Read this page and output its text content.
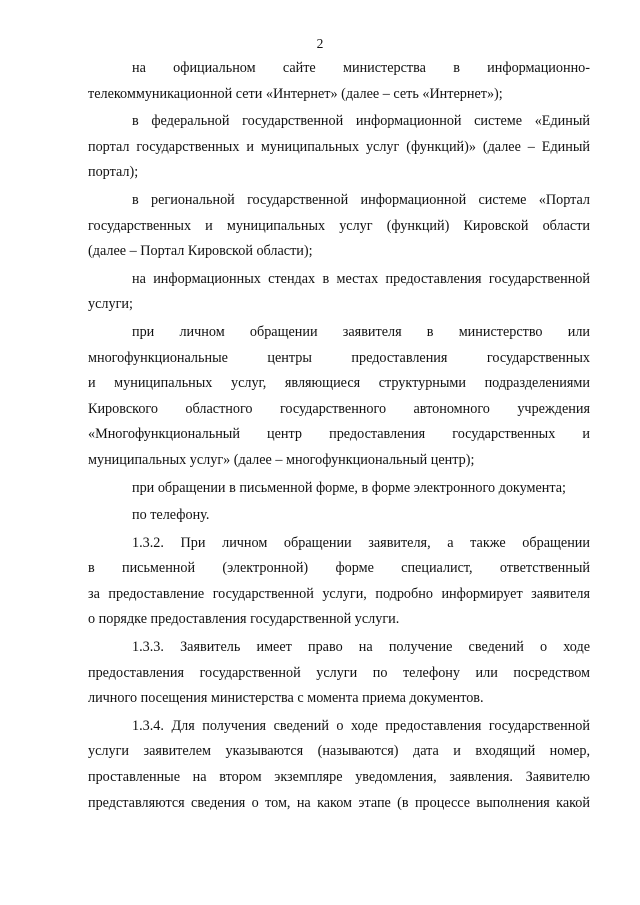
2
на официальном сайте министерства в информационно-
телекоммуникационной сети «Интернет» (далее – сеть «Интернет»);
в федеральной государственной информационной системе «Единый
портал государственных и муниципальных услуг (функций)» (далее – Единый
портал);
в региональной государственной информационной системе «Портал
государственных и муниципальных услуг (функций) Кировской области
(далее – Портал Кировской области);
на информационных стендах в местах предоставления государственной
услуги;
при личном обращении заявителя в министерство или
многофункциональные центры предоставления государственных
и муниципальных услуг, являющиеся структурными подразделениями
Кировского областного государственного автономного учреждения
«Многофункциональный центр предоставления государственных и
муниципальных услуг» (далее – многофункциональный центр);
при обращении в письменной форме, в форме электронного документа;
по телефону.
1.3.2. При личном обращении заявителя, а также обращении
в письменной (электронной) форме специалист, ответственный
за предоставление государственной услуги, подробно информирует заявителя
о порядке предоставления государственной услуги.
1.3.3. Заявитель имеет право на получение сведений о ходе
предоставления государственной услуги по телефону или посредством
личного посещения министерства с момента приема документов.
1.3.4. Для получения сведений о ходе предоставления государственной
услуги заявителем указываются (называются) дата и входящий номер,
проставленные на втором экземпляре уведомления, заявления. Заявителю
представляются сведения о том, на каком этапе (в процессе выполнения какой
